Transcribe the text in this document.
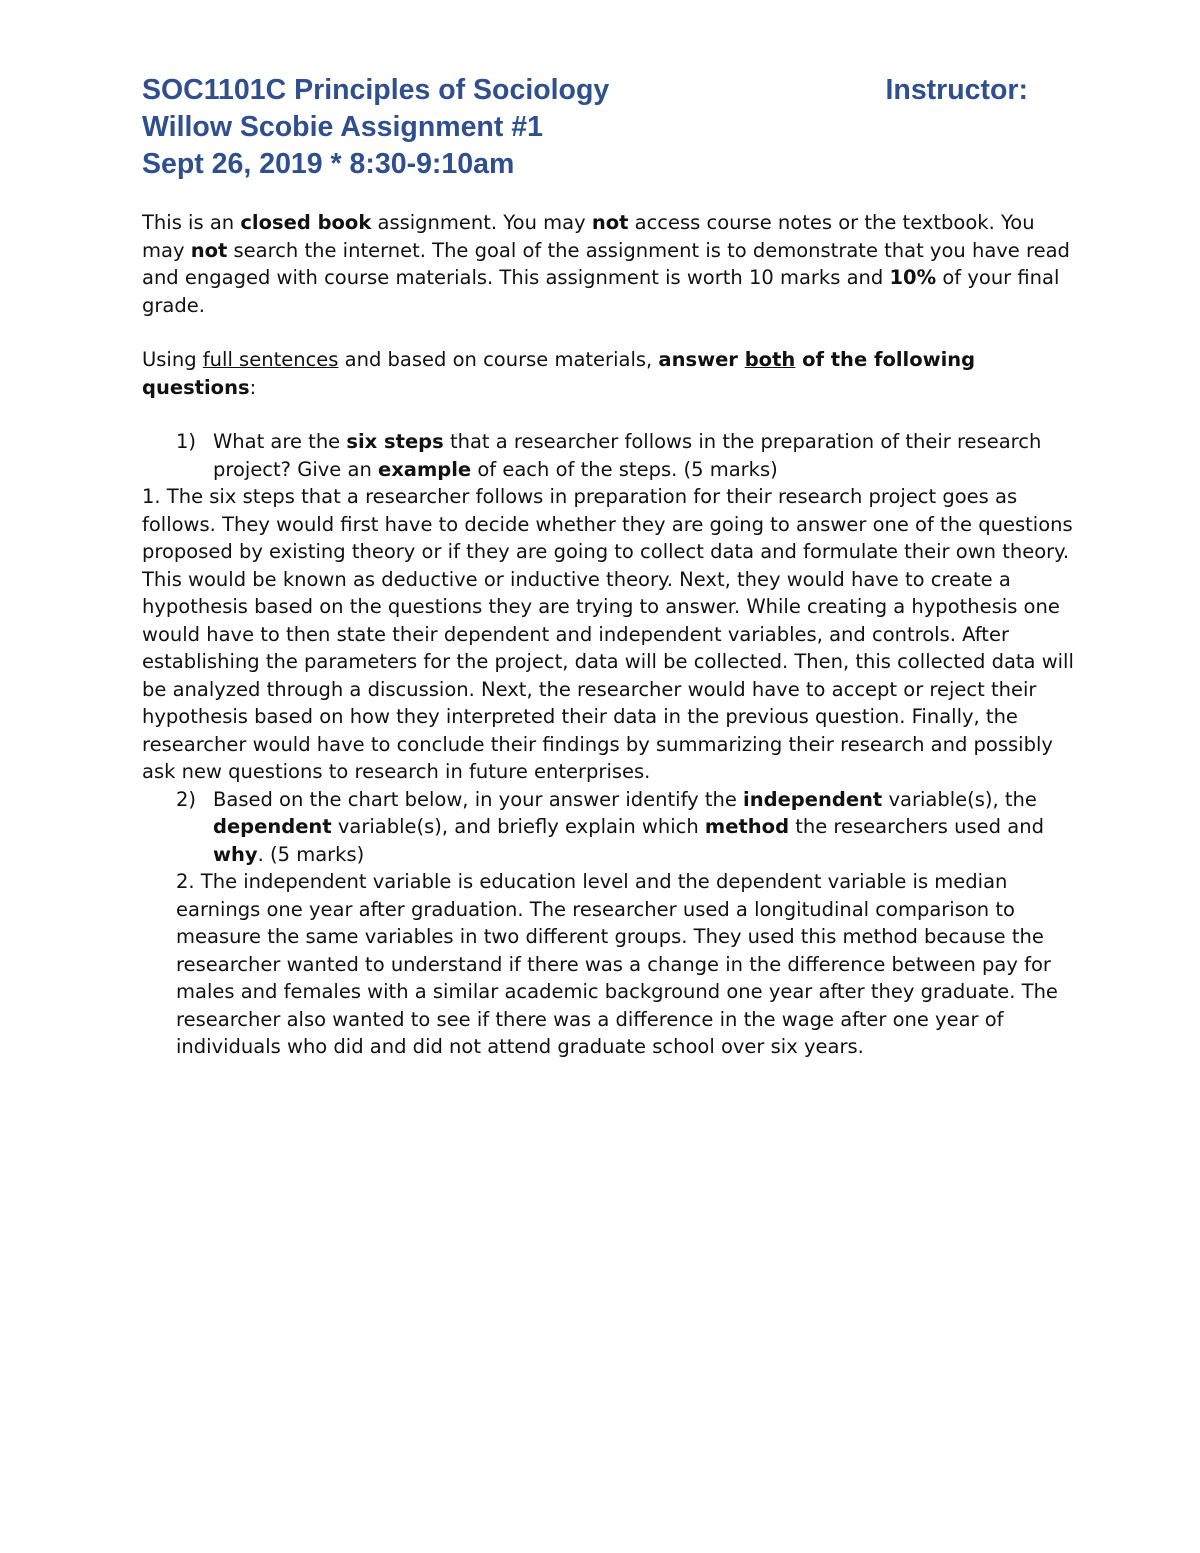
SOC1101C Principles of Sociology	Instructor:
Willow Scobie Assignment #1
Sept 26, 2019 * 8:30-9:10am

This is an closed book assignment. You may not access course notes or the textbook. You may not search the internet. The goal of the assignment is to demonstrate that you have read and engaged with course materials. This assignment is worth 10 marks and 10% of your final grade.

Using full sentences and based on course materials, answer both of the following questions:

1) What are the six steps that a researcher follows in the preparation of their research project? Give an example of each of the steps. (5 marks)

1. The six steps that a researcher follows in preparation for their research project goes as follows. They would first have to decide whether they are going to answer one of the questions proposed by existing theory or if they are going to collect data and formulate their own theory. This would be known as deductive or inductive theory. Next, they would have to create a hypothesis based on the questions they are trying to answer. While creating a hypothesis one would have to then state their dependent and independent variables, and controls. After establishing the parameters for the project, data will be collected. Then, this collected data will be analyzed through a discussion. Next, the researcher would have to accept or reject their hypothesis based on how they interpreted their data in the previous question. Finally, the researcher would have to conclude their findings by summarizing their research and possibly ask new questions to research in future enterprises.

2) Based on the chart below, in your answer identify the independent variable(s), the dependent variable(s), and briefly explain which method the researchers used and why. (5 marks)

2. The independent variable is education level and the dependent variable is median earnings one year after graduation. The researcher used a longitudinal comparison to measure the same variables in two different groups. They used this method because the researcher wanted to understand if there was a change in the difference between pay for males and females with a similar academic background one year after they graduate. The researcher also wanted to see if there was a difference in the wage after one year of individuals who did and did not attend graduate school over six years.
